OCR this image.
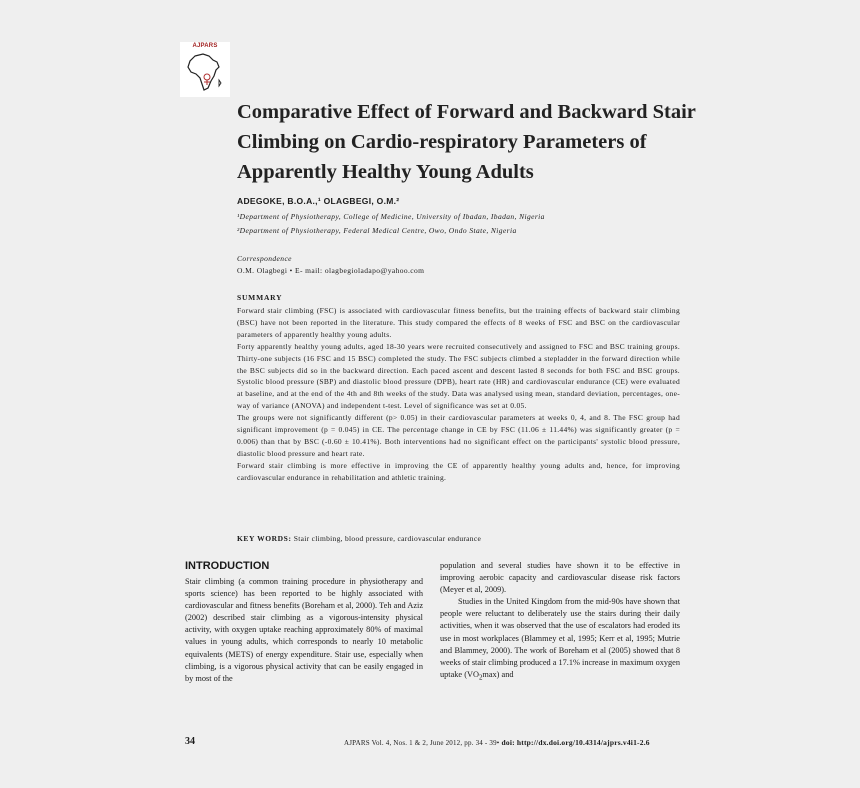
AJPARS
Comparative Effect of Forward and Backward Stair Climbing on Cardio-respiratory Parameters of Apparently Healthy Young Adults
ADEGOKE, B.O.A.,¹ OLAGBEGI, O.M.²
¹Department of Physiotherapy, College of Medicine, University of Ibadan, Ibadan, Nigeria
²Department of Physiotherapy, Federal Medical Centre, Owo, Ondo State, Nigeria
Correspondence
O.M. Olagbegi • E- mail: olagbegioladapo@yahoo.com
SUMMARY

Forward stair climbing (FSC) is associated with cardiovascular fitness benefits, but the training effects of backward stair climbing (BSC) have not been reported in the literature. This study compared the effects of 8 weeks of FSC and BSC on the cardiovascular parameters of apparently healthy young adults.

Forty apparently healthy young adults, aged 18-30 years were recruited consecutively and assigned to FSC and BSC training groups. Thirty-one subjects (16 FSC and 15 BSC) completed the study. The FSC subjects climbed a stepladder in the forward direction while the BSC subjects did so in the backward direction. Each paced ascent and descent lasted 8 seconds for both FSC and BSC groups. Systolic blood pressure (SBP) and diastolic blood pressure (DPB), heart rate (HR) and cardiovascular endurance (CE) were evaluated at baseline, and at the end of the 4th and 8th weeks of the study. Data was analysed using mean, standard deviation, percentages, one-way of variance (ANOVA) and independent t-test. Level of significance was set at 0.05.

The groups were not significantly different (p> 0.05) in their cardiovascular parameters at weeks 0, 4, and 8. The FSC group had significant improvement (p = 0.045) in CE. The percentage change in CE by FSC (11.06 ± 11.44%) was significantly greater (p = 0.006) than that by BSC (-0.60 ± 10.41%). Both interventions had no significant effect on the participants' systolic blood pressure, diastolic blood pressure and heart rate.

Forward stair climbing is more effective in improving the CE of apparently healthy young adults and, hence, for improving cardiovascular endurance in rehabilitation and athletic training.

KEY WORDS: Stair climbing, blood pressure, cardiovascular endurance
INTRODUCTION

Stair climbing (a common training procedure in physiotherapy and sports science) has been reported to be highly associated with cardiovascular and fitness benefits (Boreham et al, 2000). Teh and Aziz (2002) described stair climbing as a vigorous-intensity physical activity, with oxygen uptake reaching approximately 80% of maximal values in young adults, which corresponds to nearly 10 metabolic equivalents (METS) of energy expenditure. Stair use, especially when climbing, is a vigorous physical activity that can be easily engaged in by most of the

population and several studies have shown it to be effective in improving aerobic capacity and cardiovascular disease risk factors (Meyer et al, 2009).

Studies in the United Kingdom from the mid-90s have shown that people were reluctant to deliberately use the stairs during their daily activities, when it was observed that the use of escalators had eroded its use in most workplaces (Blammey et al, 1995; Kerr et al, 1995; Mutrie and Blammey, 2000). The work of Boreham et al (2005) showed that 8 weeks of stair climbing produced a 17.1% increase in maximum oxygen uptake $(VO_2\max)$ and

34	AJPARS Vol. 4, Nos. 1 & 2, June 2012, pp. 34 - 39• doi: http://dx.doi.org/10.4314/ajprs.v4i1-2.6
